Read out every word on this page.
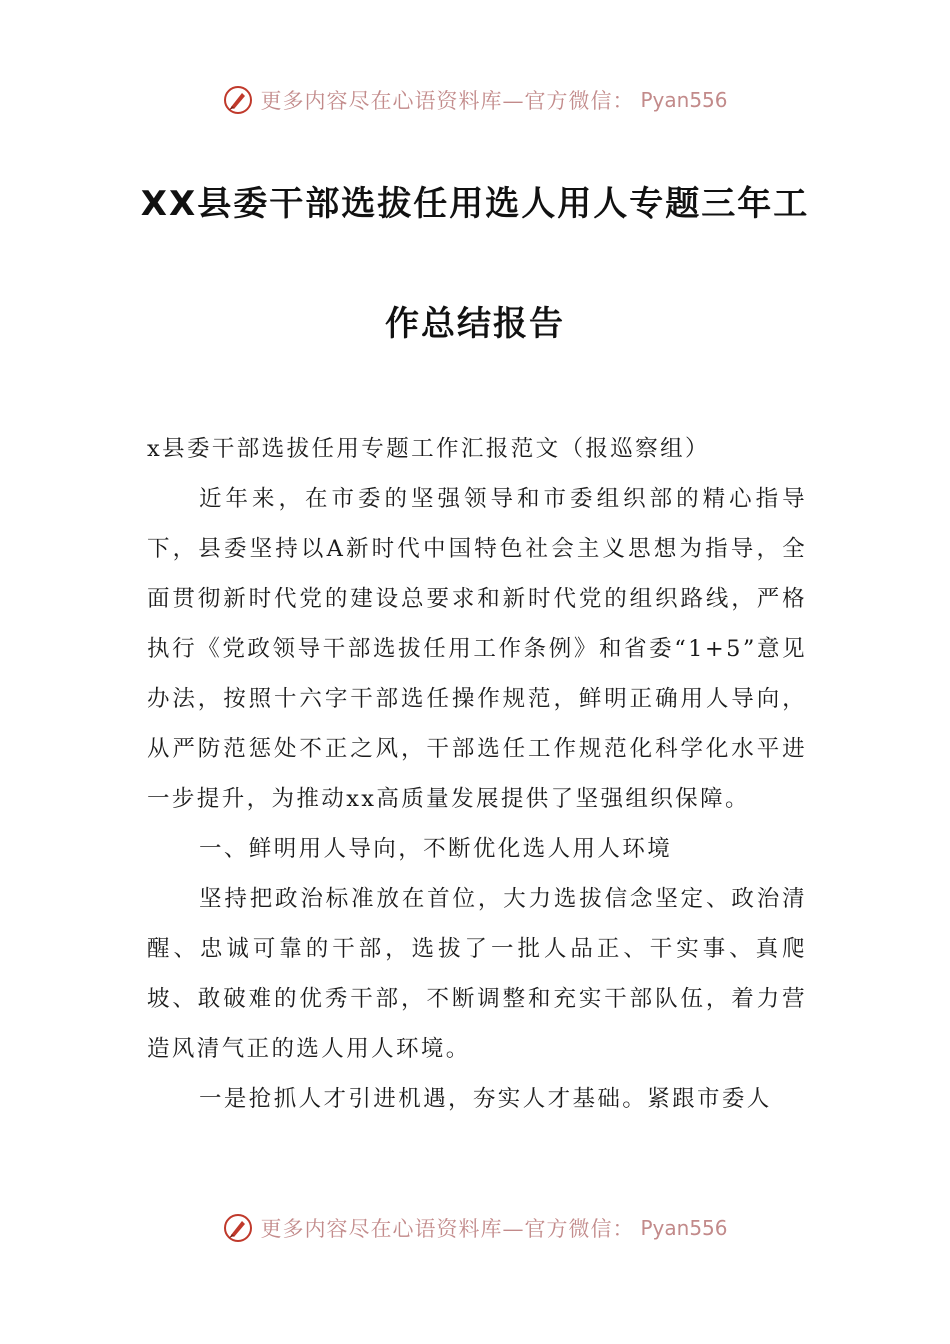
更多内容尽在心语资料库—官方微信： Pyan556
XX县委干部选拔任用选人用人专题三年工
作总结报告

x县委干部选拔任用专题工作汇报范文（报巡察组）

近年来，在市委的坚强领导和市委组织部的精心指导下，县委坚持以A新时代中国特色社会主义思想为指导，全面贯彻新时代党的建设总要求和新时代党的组织路线，严格执行《党政领导干部选拔任用工作条例》和省委“1+5”意见办法，按照十六字干部选任操作规范，鲜明正确用人导向，从严防范惩处不正之风，干部选任工作规范化科学化水平进一步提升，为推动xx高质量发展提供了坚强组织保障。

一、鲜明用人导向，不断优化选人用人环境

坚持把政治标准放在首位，大力选拔信念坚定、政治清醒、忠诚可靠的干部，选拔了一批人品正、干实事、真爬坡、敢破难的优秀干部，不断调整和充实干部队伍，着力营造风清气正的选人用人环境。

一是抢抓人才引进机遇，夯实人才基础。紧跟市委人

更多内容尽在心语资料库—官方微信： Pyan556
